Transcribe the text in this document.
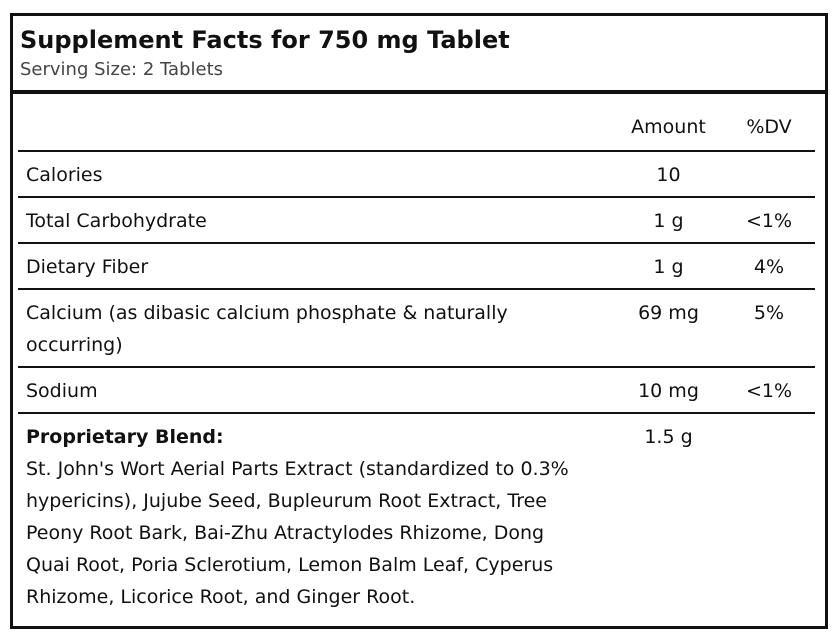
Supplement Facts for 750 mg Tablet
Serving Size: 2 Tablets
Amount	%DV
Calories	10
Total Carbohydrate	1 g	<1%
Dietary Fiber	1 g	4%
Calcium (as dibasic calcium phosphate & naturally
occurring)
69 mg	5%
Sodium	10 mg	<1%
Proprietary Blend:	1.5 g
St. John's Wort Aerial Parts Extract (standardized to 0.3%
hypericins), Jujube Seed, Bupleurum Root Extract, Tree
Peony Root Bark, Bai-Zhu Atractylodes Rhizome, Dong
Quai Root, Poria Sclerotium, Lemon Balm Leaf, Cyperus
Rhizome, Licorice Root, and Ginger Root.
